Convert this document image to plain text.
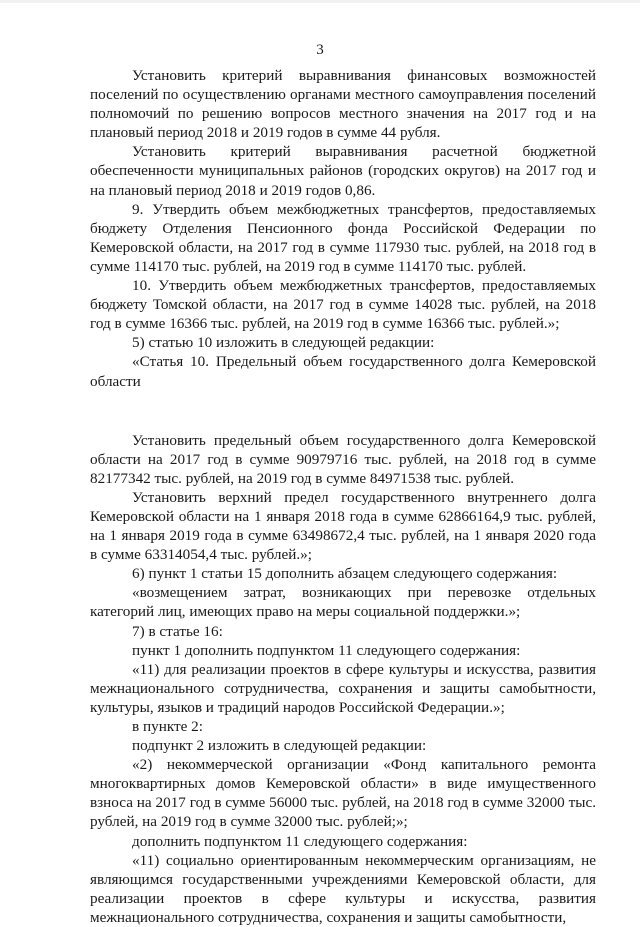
3

Установить критерий выравнивания финансовых возможностей поселений по осуществлению органами местного самоуправления поселений полномочий по решению вопросов местного значения на 2017 год и на плановый период 2018 и 2019 годов в сумме 44 рубля.

Установить критерий выравнивания расчетной бюджетной обеспеченности муниципальных районов (городских округов) на 2017 год и на плановый период 2018 и 2019 годов 0,86.

9. Утвердить объем межбюджетных трансфертов, предоставляемых бюджету Отделения Пенсионного фонда Российской Федерации по Кемеровской области, на 2017 год в сумме 117930 тыс. рублей, на 2018 год в сумме 114170 тыс. рублей, на 2019 год в сумме 114170 тыс. рублей.

10. Утвердить объем межбюджетных трансфертов, предоставляемых бюджету Томской области, на 2017 год в сумме 14028 тыс. рублей, на 2018 год в сумме 16366 тыс. рублей, на 2019 год в сумме 16366 тыс. рублей.»;

5) статью 10 изложить в следующей редакции:

«Статья 10. Предельный объем государственного долга Кемеровской области

Установить предельный объем государственного долга Кемеровской области на 2017 год в сумме 90979716 тыс. рублей, на 2018 год в сумме 82177342 тыс. рублей, на 2019 год в сумме 84971538 тыс. рублей.

Установить верхний предел государственного внутреннего долга Кемеровской области на 1 января 2018 года в сумме 62866164,9 тыс. рублей, на 1 января 2019 года в сумме 63498672,4 тыс. рублей, на 1 января 2020 года в сумме 63314054,4 тыс. рублей.»;

6) пункт 1 статьи 15 дополнить абзацем следующего содержания:

«возмещением затрат, возникающих при перевозке отдельных категорий лиц, имеющих право на меры социальной поддержки.»;

7) в статье 16:

пункт 1 дополнить подпунктом 11 следующего содержания:

«11) для реализации проектов в сфере культуры и искусства, развития межнационального сотрудничества, сохранения и защиты самобытности, культуры, языков и традиций народов Российской Федерации.»;

в пункте 2:

подпункт 2 изложить в следующей редакции:

«2) некоммерческой организации «Фонд капитального ремонта многоквартирных домов Кемеровской области» в виде имущественного взноса на 2017 год в сумме 56000 тыс. рублей, на 2018 год в сумме 32000 тыс. рублей, на 2019 год в сумме 32000 тыс. рублей;»;

дополнить подпунктом 11 следующего содержания:

«11) социально ориентированным некоммерческим организациям, не являющимся государственными учреждениями Кемеровской области, для реализации проектов в сфере культуры и искусства, развития межнационального сотрудничества, сохранения и защиты самобытности,
